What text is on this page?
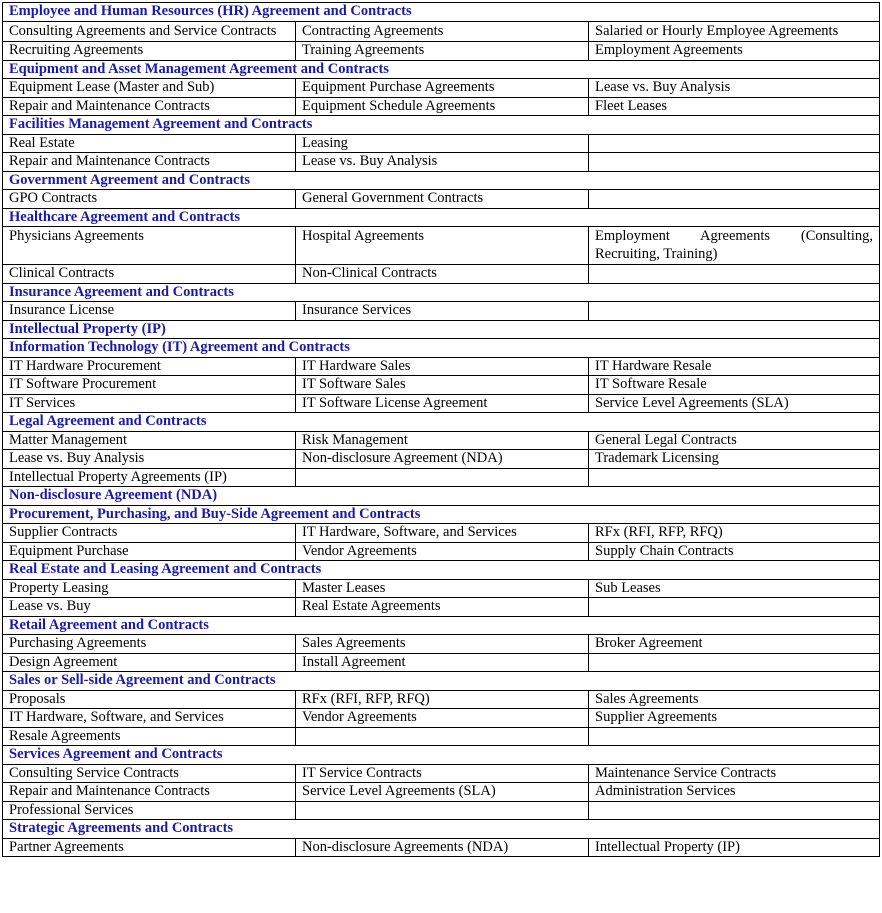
Employee and Human Resources (HR) Agreement and Contracts		
Consulting Agreements and Service Contracts	Contracting Agreements	Salaried or Hourly Employee Agreements
Recruiting Agreements	Training Agreements	Employment Agreements
Equipment and Asset Management Agreement and Contracts		
Equipment Lease (Master and Sub)	Equipment Purchase Agreements	Lease vs. Buy Analysis
Repair and Maintenance Contracts	Equipment Schedule Agreements	Fleet Leases
Facilities Management Agreement and Contracts		
Real Estate	Leasing	
Repair and Maintenance Contracts	Lease vs. Buy Analysis	
Government Agreement and Contracts		
GPO Contracts	General Government Contracts	
Healthcare Agreement and Contracts		
Physicians Agreements	Hospital Agreements	Employment Agreements (Consulting, Recruiting, Training)
Clinical Contracts	Non-Clinical Contracts	
Insurance Agreement and Contracts		
Insurance License	Insurance Services	
Intellectual Property (IP)		
Information Technology (IT) Agreement and Contracts		
IT Hardware Procurement	IT Hardware Sales	IT Hardware Resale
IT Software Procurement	IT Software Sales	IT Software Resale
IT Services	IT Software License Agreement	Service Level Agreements (SLA)
Legal Agreement and Contracts		
Matter Management	Risk Management	General Legal Contracts
Lease vs. Buy Analysis	Non-disclosure Agreement (NDA)	Trademark Licensing
Intellectual Property Agreements (IP)		
Non-disclosure Agreement (NDA)		
Procurement, Purchasing, and Buy-Side Agreement and Contracts		
Supplier Contracts	IT Hardware, Software, and Services	RFx (RFI, RFP, RFQ)
Equipment Purchase	Vendor Agreements	Supply Chain Contracts
Real Estate and Leasing Agreement and Contracts		
Property Leasing	Master Leases	Sub Leases
Lease vs. Buy	Real Estate Agreements	
Retail Agreement and Contracts		
Purchasing Agreements	Sales Agreements	Broker Agreement
Design Agreement	Install Agreement	
Sales or Sell-side Agreement and Contracts		
Proposals	RFx (RFI, RFP, RFQ)	Sales Agreements
IT Hardware, Software, and Services	Vendor Agreements	Supplier Agreements
Resale Agreements		
Services Agreement and Contracts		
Consulting Service Contracts	IT Service Contracts	Maintenance Service Contracts
Repair and Maintenance Contracts	Service Level Agreements (SLA)	Administration Services
Professional Services		
Strategic Agreements and Contracts		
Partner Agreements	Non-disclosure Agreements (NDA)	Intellectual Property (IP)
